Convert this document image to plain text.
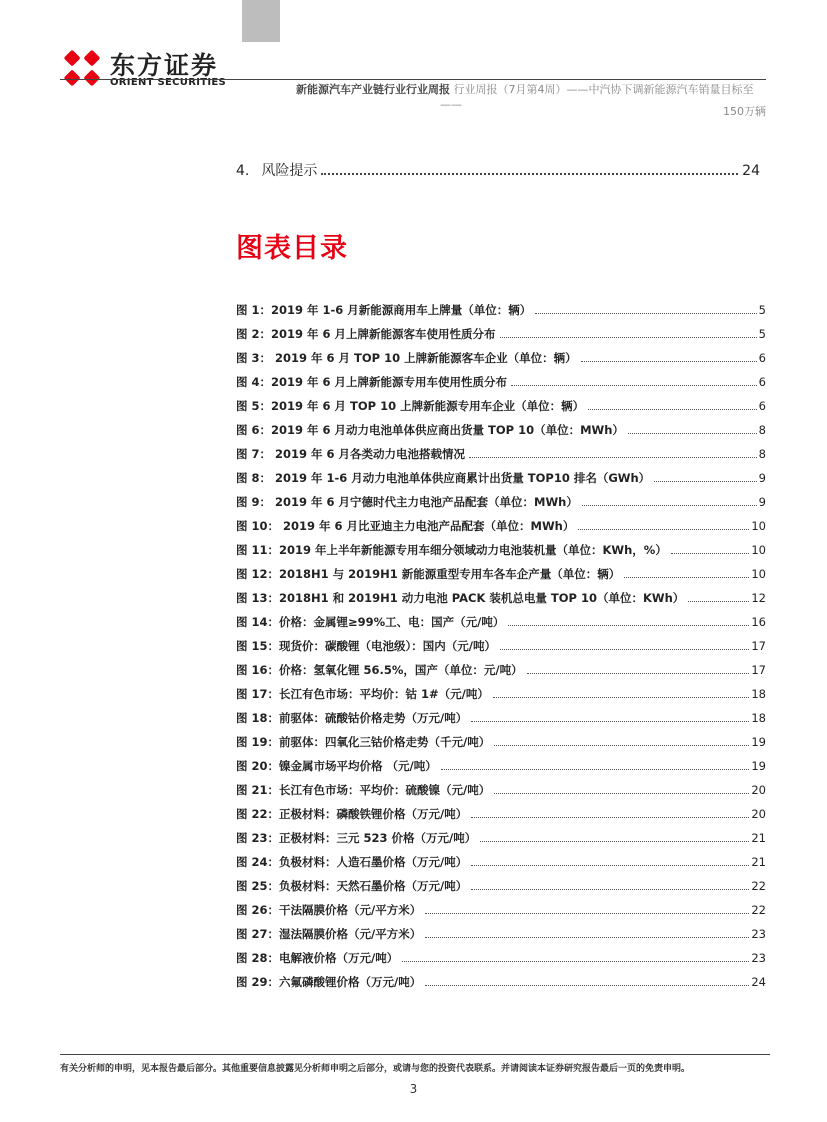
东方证券
ORIENT SECURITIES
新能源汽车产业链行业行业周报 行业周报（7月第4周）——中汽协下调新能源汽车销量目标至
——
150万辆
4. 风险提示	24
图表目录
图 1：2019 年 1-6 月新能源商用车上牌量（单位：辆）	5
图 2：2019 年 6 月上牌新能源客车使用性质分布	5
图 3： 2019 年 6 月 TOP 10 上牌新能源客车企业（单位：辆）	6
图 4：2019 年 6 月上牌新能源专用车使用性质分布	6
图 5：2019 年 6 月 TOP 10 上牌新能源专用车企业（单位：辆）	6
图 6：2019 年 6 月动力电池单体供应商出货量 TOP 10（单位：MWh）	8
图 7： 2019 年 6 月各类动力电池搭载情况	8
图 8： 2019 年 1-6 月动力电池单体供应商累计出货量 TOP10 排名（GWh）	9
图 9： 2019 年 6 月宁德时代主力电池产品配套（单位：MWh）	9
图 10： 2019 年 6 月比亚迪主力电池产品配套（单位：MWh）	10
图 11：2019 年上半年新能源专用车细分领域动力电池装机量（单位：KWh，%）	10
图 12：2018H1 与 2019H1 新能源重型专用车各车企产量（单位：辆）	10
图 13：2018H1 和 2019H1 动力电池 PACK 装机总电量 TOP 10（单位：KWh）	12
图 14：价格：金属锂≥99%工、电：国产（元/吨）	16
图 15：现货价：碳酸锂（电池级）：国内（元/吨）	17
图 16：价格：氢氧化锂 56.5%，国产（单位：元/吨）	17
图 17：长江有色市场：平均价：钴 1#（元/吨）	18
图 18：前驱体：硫酸钴价格走势（万元/吨）	18
图 19：前驱体：四氧化三钴价格走势（千元/吨）	19
图 20：镍金属市场平均价格 （元/吨）	19
图 21：长江有色市场：平均价：硫酸镍（元/吨）	20
图 22：正极材料：磷酸铁锂价格（万元/吨）	20
图 23：正极材料：三元 523 价格（万元/吨）	21
图 24：负极材料：人造石墨价格（万元/吨）	21
图 25：负极材料：天然石墨价格（万元/吨）	22
图 26：干法隔膜价格（元/平方米）	22
图 27：湿法隔膜价格（元/平方米）	23
图 28：电解液价格（万元/吨）	23
图 29：六氟磷酸锂价格（万元/吨）	24
有关分析师的申明，见本报告最后部分。其他重要信息披露见分析师申明之后部分，或请与您的投资代表联系。并请阅读本证券研究报告最后一页的免责申明。
3
